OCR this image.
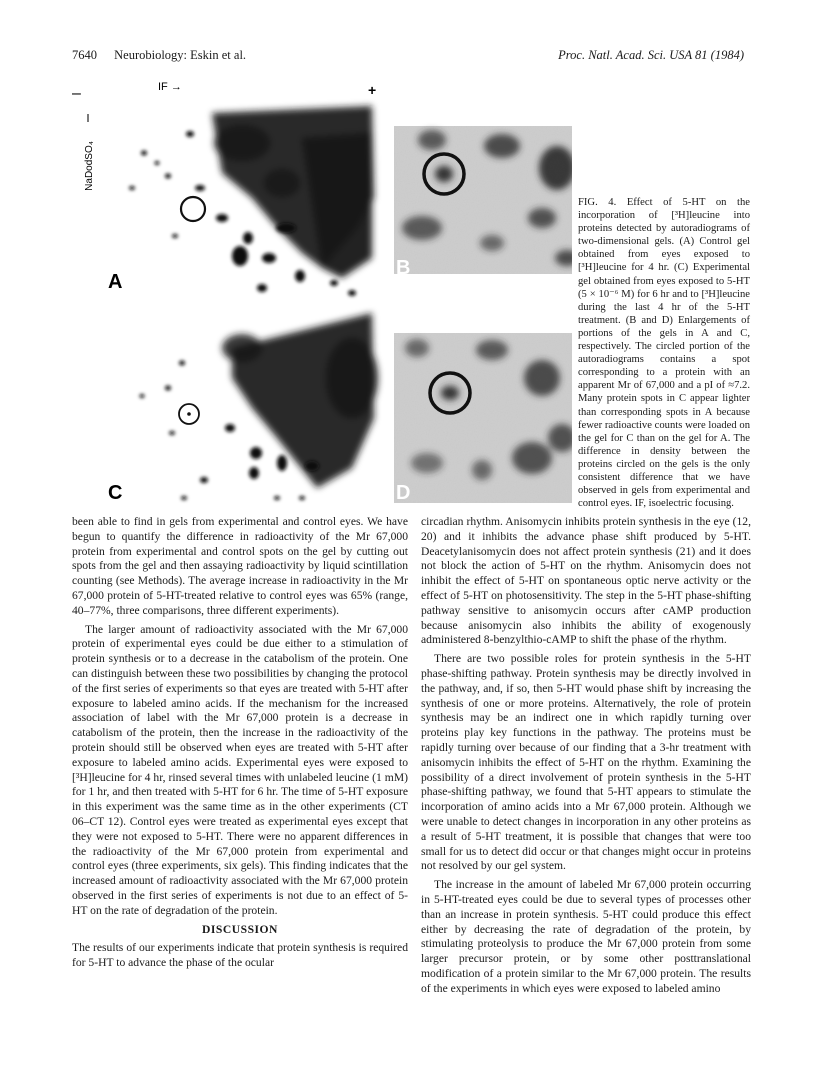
7640 Neurobiology: Eskin et al.	Proc. Natl. Acad. Sci. USA 81 (1984)
–	IF →	+
NaDodSO₄
A
B
C	D
FIG. 4. Effect of 5-HT on the incorporation of [³H]leucine into proteins detected by autoradiograms of two-dimensional gels. (A) Control gel obtained from eyes exposed to [³H]leucine for 4 hr. (C) Experimental gel obtained from eyes exposed to 5-HT (5 × 10⁻⁶ M) for 6 hr and to [³H]leucine during the last 4 hr of the 5-HT treatment. (B and D) Enlargements of portions of the gels in A and C, respectively. The circled portion of the autoradiograms contains a spot corresponding to a protein with an apparent Mr of 67,000 and a pI of ≈7.2. Many protein spots in C appear lighter than corresponding spots in A because fewer radioactive counts were loaded on the gel for C than on the gel for A. The difference in density between the proteins circled on the gels is the only consistent difference that we have observed in gels from experimental and control eyes. IF, isoelectric focusing.

been able to find in gels from experimental and control eyes. We have begun to quantify the difference in radioactivity of the Mr 67,000 protein from experimental and control spots on the gel by cutting out spots from the gel and then assaying radioactivity by liquid scintillation counting (see Methods). The average increase in radioactivity in the Mr 67,000 protein of 5-HT-treated relative to control eyes was 65% (range, 40–77%, three comparisons, three different experiments).

The larger amount of radioactivity associated with the Mr 67,000 protein of experimental eyes could be due either to a stimulation of protein synthesis or to a decrease in the catabolism of the protein. One can distinguish between these two possibilities by changing the protocol of the first series of experiments so that eyes are treated with 5-HT after exposure to labeled amino acids. If the mechanism for the increased association of label with the Mr 67,000 protein is a decrease in catabolism of the protein, then the increase in the radioactivity of the protein should still be observed when eyes are treated with 5-HT after exposure to labeled amino acids. Experimental eyes were exposed to [³H]leucine for 4 hr, rinsed several times with unlabeled leucine (1 mM) for 1 hr, and then treated with 5-HT for 6 hr. The time of 5-HT exposure in this experiment was the same time as in the other experiments (CT 06–CT 12). Control eyes were treated as experimental eyes except that they were not exposed to 5-HT. There were no apparent differences in the radioactivity of the Mr 67,000 protein from experimental and control eyes (three experiments, six gels). This finding indicates that the increased amount of radioactivity associated with the Mr 67,000 protein observed in the first series of experiments is not due to an effect of 5-HT on the rate of degradation of the protein.

DISCUSSION

The results of our experiments indicate that protein synthesis is required for 5-HT to advance the phase of the ocular

circadian rhythm. Anisomycin inhibits protein synthesis in the eye (12, 20) and it inhibits the advance phase shift produced by 5-HT. Deacetylanisomycin does not affect protein synthesis (21) and it does not block the action of 5-HT on the rhythm. Anisomycin does not inhibit the effect of 5-HT on spontaneous optic nerve activity or the effect of 5-HT on photosensitivity. The step in the 5-HT phase-shifting pathway sensitive to anisomycin occurs after cAMP production because anisomycin also inhibits the ability of exogenously administered 8-benzylthio-cAMP to shift the phase of the rhythm.

There are two possible roles for protein synthesis in the 5-HT phase-shifting pathway. Protein synthesis may be directly involved in the pathway, and, if so, then 5-HT would phase shift by increasing the synthesis of one or more proteins. Alternatively, the role of protein synthesis may be an indirect one in which rapidly turning over proteins play key functions in the pathway. The proteins must be rapidly turning over because of our finding that a 3-hr treatment with anisomycin inhibits the effect of 5-HT on the rhythm. Examining the possibility of a direct involvement of protein synthesis in the 5-HT phase-shifting pathway, we found that 5-HT appears to stimulate the incorporation of amino acids into a Mr 67,000 protein. Although we were unable to detect changes in incorporation in any other proteins as a result of 5-HT treatment, it is possible that changes that were too small for us to detect did occur or that changes might occur in proteins not resolved by our gel system.

The increase in the amount of labeled Mr 67,000 protein occurring in 5-HT-treated eyes could be due to several types of processes other than an increase in protein synthesis. 5-HT could produce this effect either by decreasing the rate of degradation of the protein, by stimulating proteolysis to produce the Mr 67,000 protein from some larger precursor protein, or by some other posttranslational modification of a protein similar to the Mr 67,000 protein. The results of the experiments in which eyes were exposed to labeled amino
